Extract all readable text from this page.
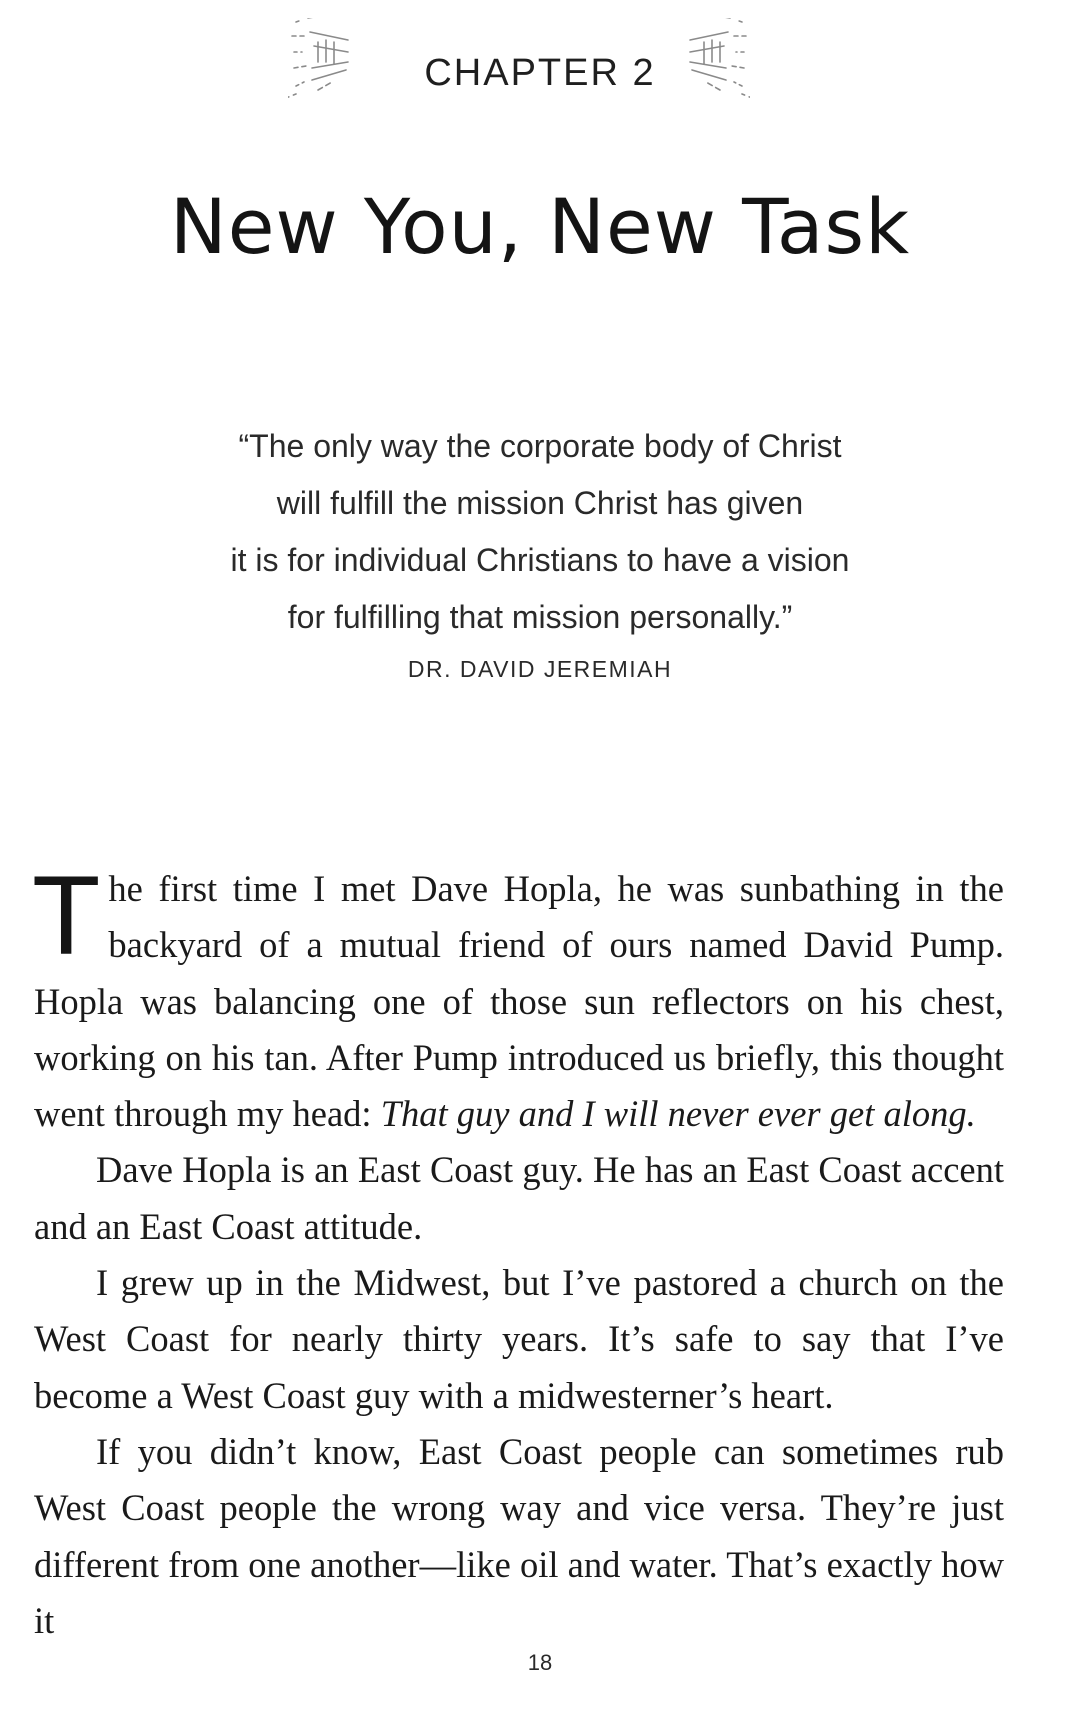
CHAPTER 2
New You, New Task
“The only way the corporate body of Christ
will fulfill the mission Christ has given
it is for individual Christians to have a vision
for fulfilling that mission personally.”
DR. DAVID JEREMIAH

The first time I met Dave Hopla, he was sunbathing in the backyard of a mutual friend of ours named David Pump. Hopla was balancing one of those sun reflectors on his chest, working on his tan. After Pump introduced us briefly, this thought went through my head: That guy and I will never ever get along.

Dave Hopla is an East Coast guy. He has an East Coast accent and an East Coast attitude.

I grew up in the Midwest, but I’ve pastored a church on the West Coast for nearly thirty years. It’s safe to say that I’ve become a West Coast guy with a midwesterner’s heart.

If you didn’t know, East Coast people can sometimes rub West Coast people the wrong way and vice versa. They’re just different from one another—like oil and water. That’s exactly how it

18
